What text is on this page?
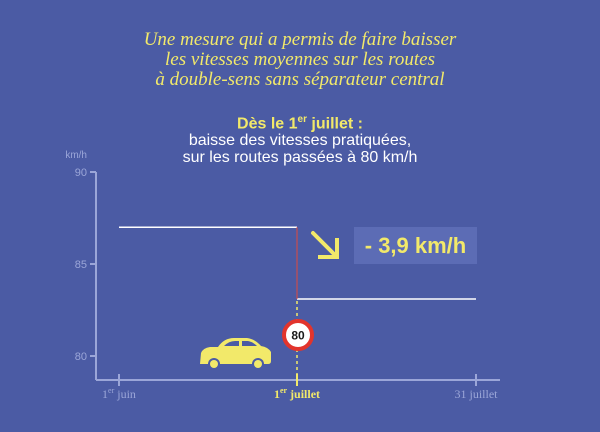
Une mesure qui a permis de faire baisser
les vitesses moyennes sur les routes
à double-sens sans séparateur central
Dès le 1er juillet :
baisse des vitesses pratiquées,
sur les routes passées à 80 km/h
km/h
90
85
80
1er juin	1er juillet	31 juillet
80
- 3,9 km/h
